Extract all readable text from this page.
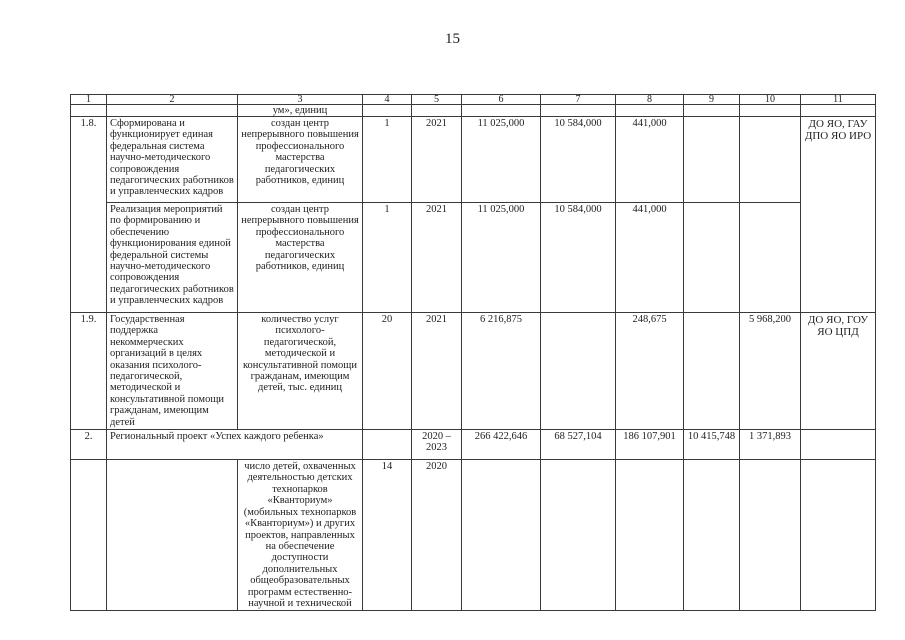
15
1	2	3	4	5	6	7	8	9	10	11
		ум», единиц								
1.8.	Сформирована и функционирует единая федеральная система научно-методического сопровождения педагогических работников и управленческих кадров	создан центр непрерывного повышения профессионального мастерства педагогических работников, единиц	1	2021	11 025,000	10 584,000	441,000			ДО ЯО, ГАУ ДПО ЯО ИРО
	Реализация мероприятий по формированию и обеспечению функционирования единой федеральной системы научно-методического сопровождения педагогических работников и управленческих кадров	создан центр непрерывного повышения профессионального мастерства педагогических работников, единиц	1	2021	11 025,000	10 584,000	441,000			
1.9.	Государственная поддержка некоммерческих организаций в целях оказания психолого-педагогической, методической и консультативной помощи гражданам, имеющим детей	количество услуг психолого-педагогической, методической и консультативной помощи гражданам, имеющим детей, тыс. единиц	20	2021	6 216,875		248,675		5 968,200	ДО ЯО, ГОУ ЯО ЦПД
2.	Региональный проект «Успех каждого ребенка»			2020 – 2023	266 422,646	68 527,104	186 107,901	10 415,748	1 371,893	
		число детей, охваченных деятельностью детских технопарков «Кванториум» (мобильных технопарков «Кванториум») и других проектов, направленных на обеспечение доступности дополнительных общеобразовательных программ естественно-научной и технической	14	2020						
